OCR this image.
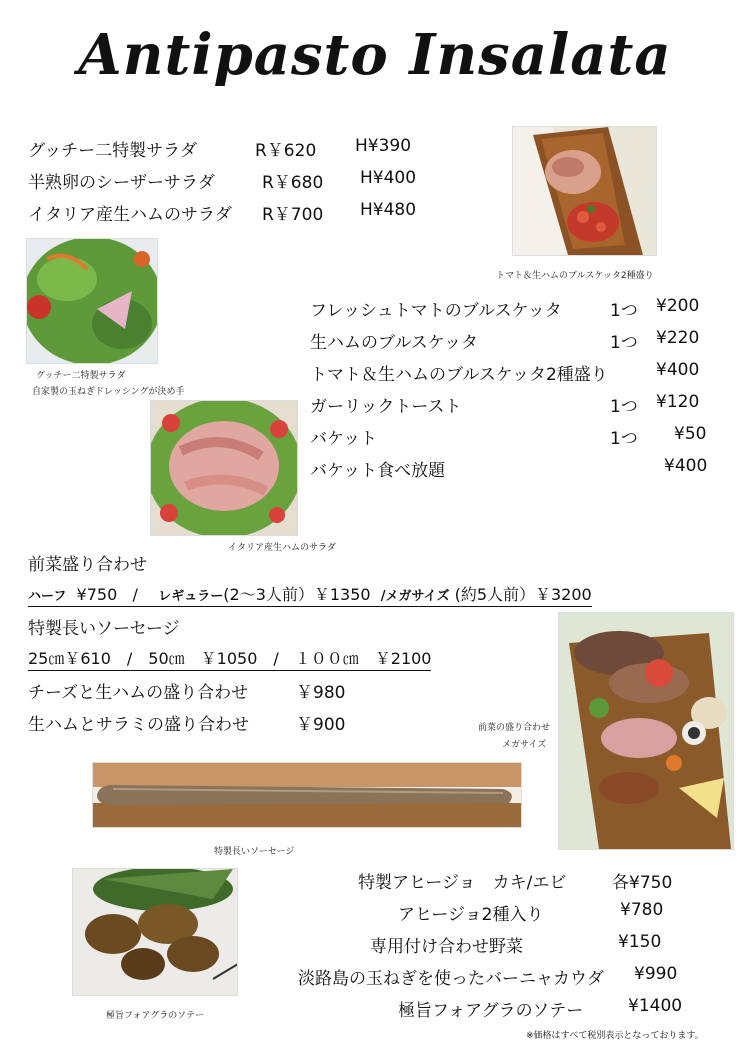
Antipasto Insalata
グッチー二特製サラダ	R￥620 H¥390
半熟卵のシーザーサラダ	R￥680 H¥400
イタリア産生ハムのサラダ R￥700 H¥480
トマト＆生ハムのブルスケッタ2種盛り
グッチー二特製サラダ
自家製の玉ねぎドレッシングが決め手
イタリア産生ハムのサラダ
フレッシュトマトのブルスケッタ	1つ ¥200
生ハムのブルスケッタ	1つ ¥220
トマト＆生ハムのブルスケッタ2種盛り	¥400
ガーリックトースト	1つ ¥120
バケット	1つ ¥50
バケット食べ放題	¥400
前菜盛り合わせ
ハーフ ¥750 / レギュラー(2～3人前）￥1350 /メガサイズ (約5人前）￥3200
特製長いソーセージ
25㎝￥610　/　50㎝　￥1050　/　１００㎝　￥2100
チーズと生ハムの盛り合わせ	￥980
生ハムとサラミの盛り合わせ	￥900	前菜の盛り合わせ
メガサイズ
特製長いソーセージ
極旨フォアグラのソテー
特製アヒージョ　カキ/エビ	各¥750
アヒージョ2種入り	¥780
専用付け合わせ野菜	¥150
淡路島の玉ねぎを使ったバーニャカウダ ¥990
極旨フォアグラのソテー	¥1400
※価格はすべて税別表示となっております。
